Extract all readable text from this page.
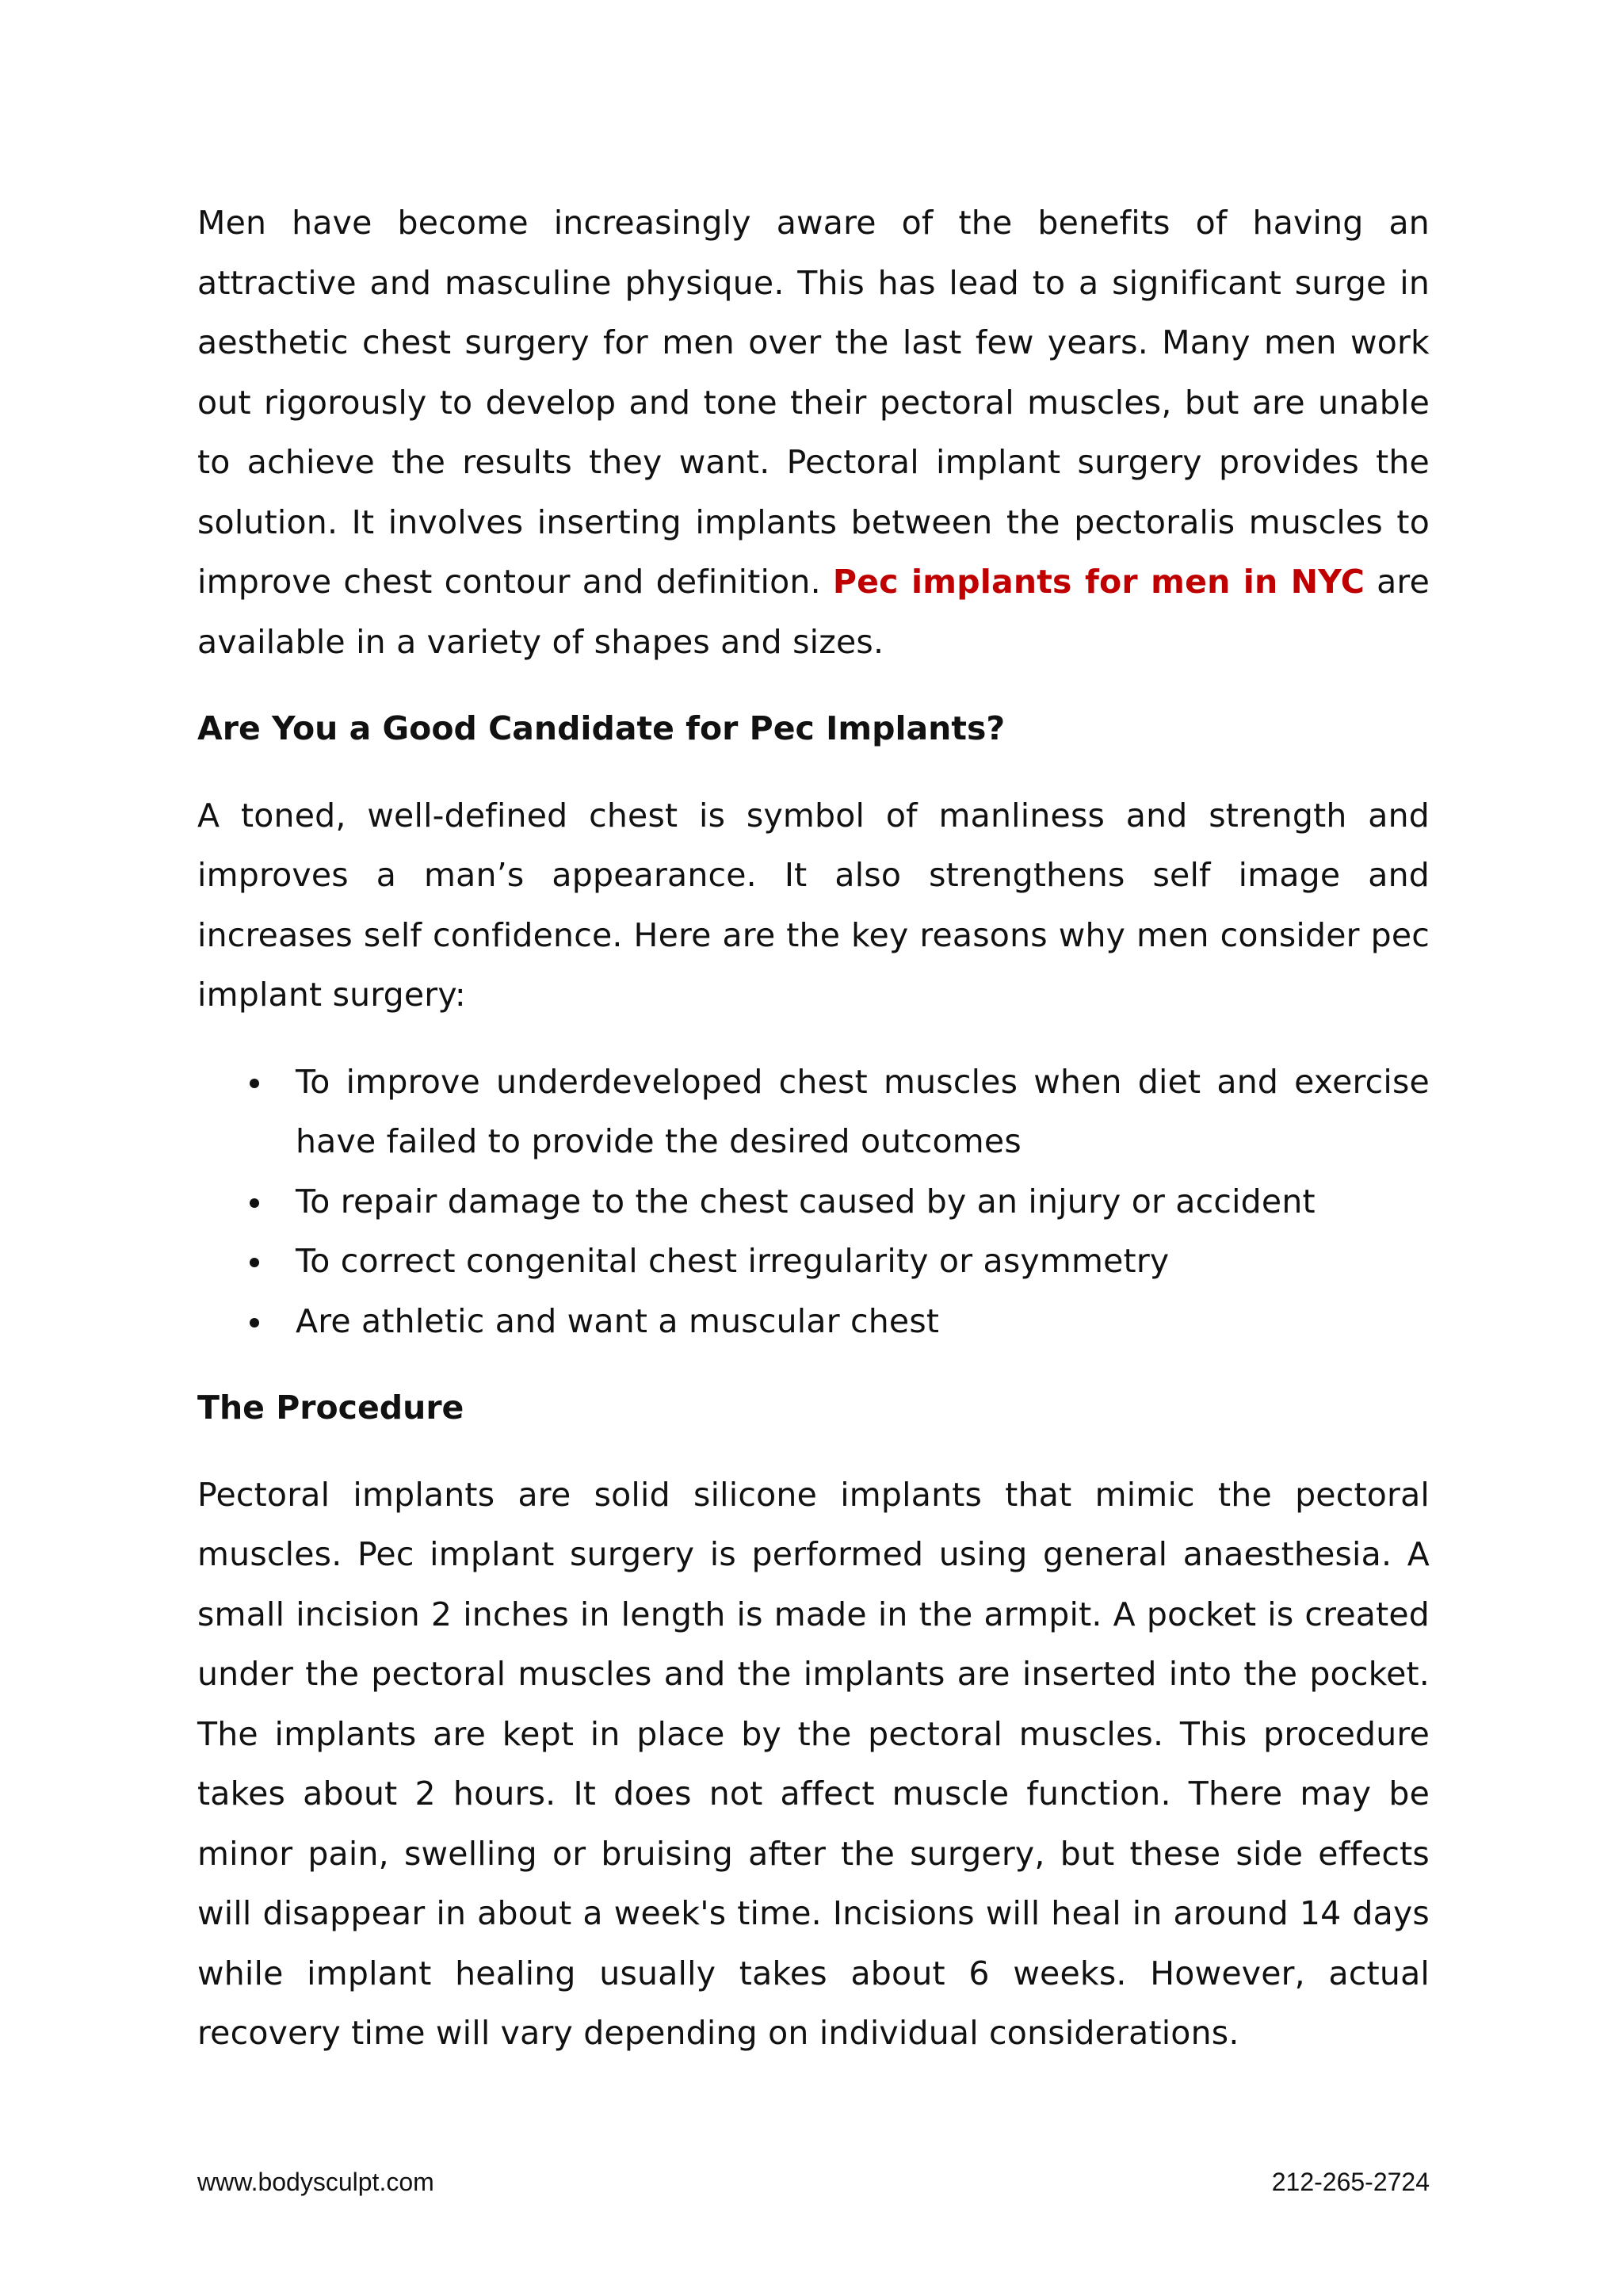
Men have become increasingly aware of the benefits of having an attractive and masculine physique. This has lead to a significant surge in aesthetic chest surgery for men over the last few years. Many men work out rigorously to develop and tone their pectoral muscles, but are unable to achieve the results they want. Pectoral implant surgery provides the solution. It involves inserting implants between the pectoralis muscles to improve chest contour and definition. Pec implants for men in NYC are available in a variety of shapes and sizes.

Are You a Good Candidate for Pec Implants?

A toned, well-defined chest is symbol of manliness and strength and improves a man’s appearance. It also strengthens self image and increases self confidence. Here are the key reasons why men consider pec implant surgery:

To improve underdeveloped chest muscles when diet and exercise have failed to provide the desired outcomes
To repair damage to the chest caused by an injury or accident
To correct congenital chest irregularity or asymmetry
Are athletic and want a muscular chest
The Procedure

Pectoral implants are solid silicone implants that mimic the pectoral muscles. Pec implant surgery is performed using general anaesthesia. A small incision 2 inches in length is made in the armpit. A pocket is created under the pectoral muscles and the implants are inserted into the pocket. The implants are kept in place by the pectoral muscles. This procedure takes about 2 hours. It does not affect muscle function. There may be minor pain, swelling or bruising after the surgery, but these side effects will disappear in about a week's time. Incisions will heal in around 14 days while implant healing usually takes about 6 weeks. However, actual recovery time will vary depending on individual considerations.

www.bodysculpt.com	212-265-2724
